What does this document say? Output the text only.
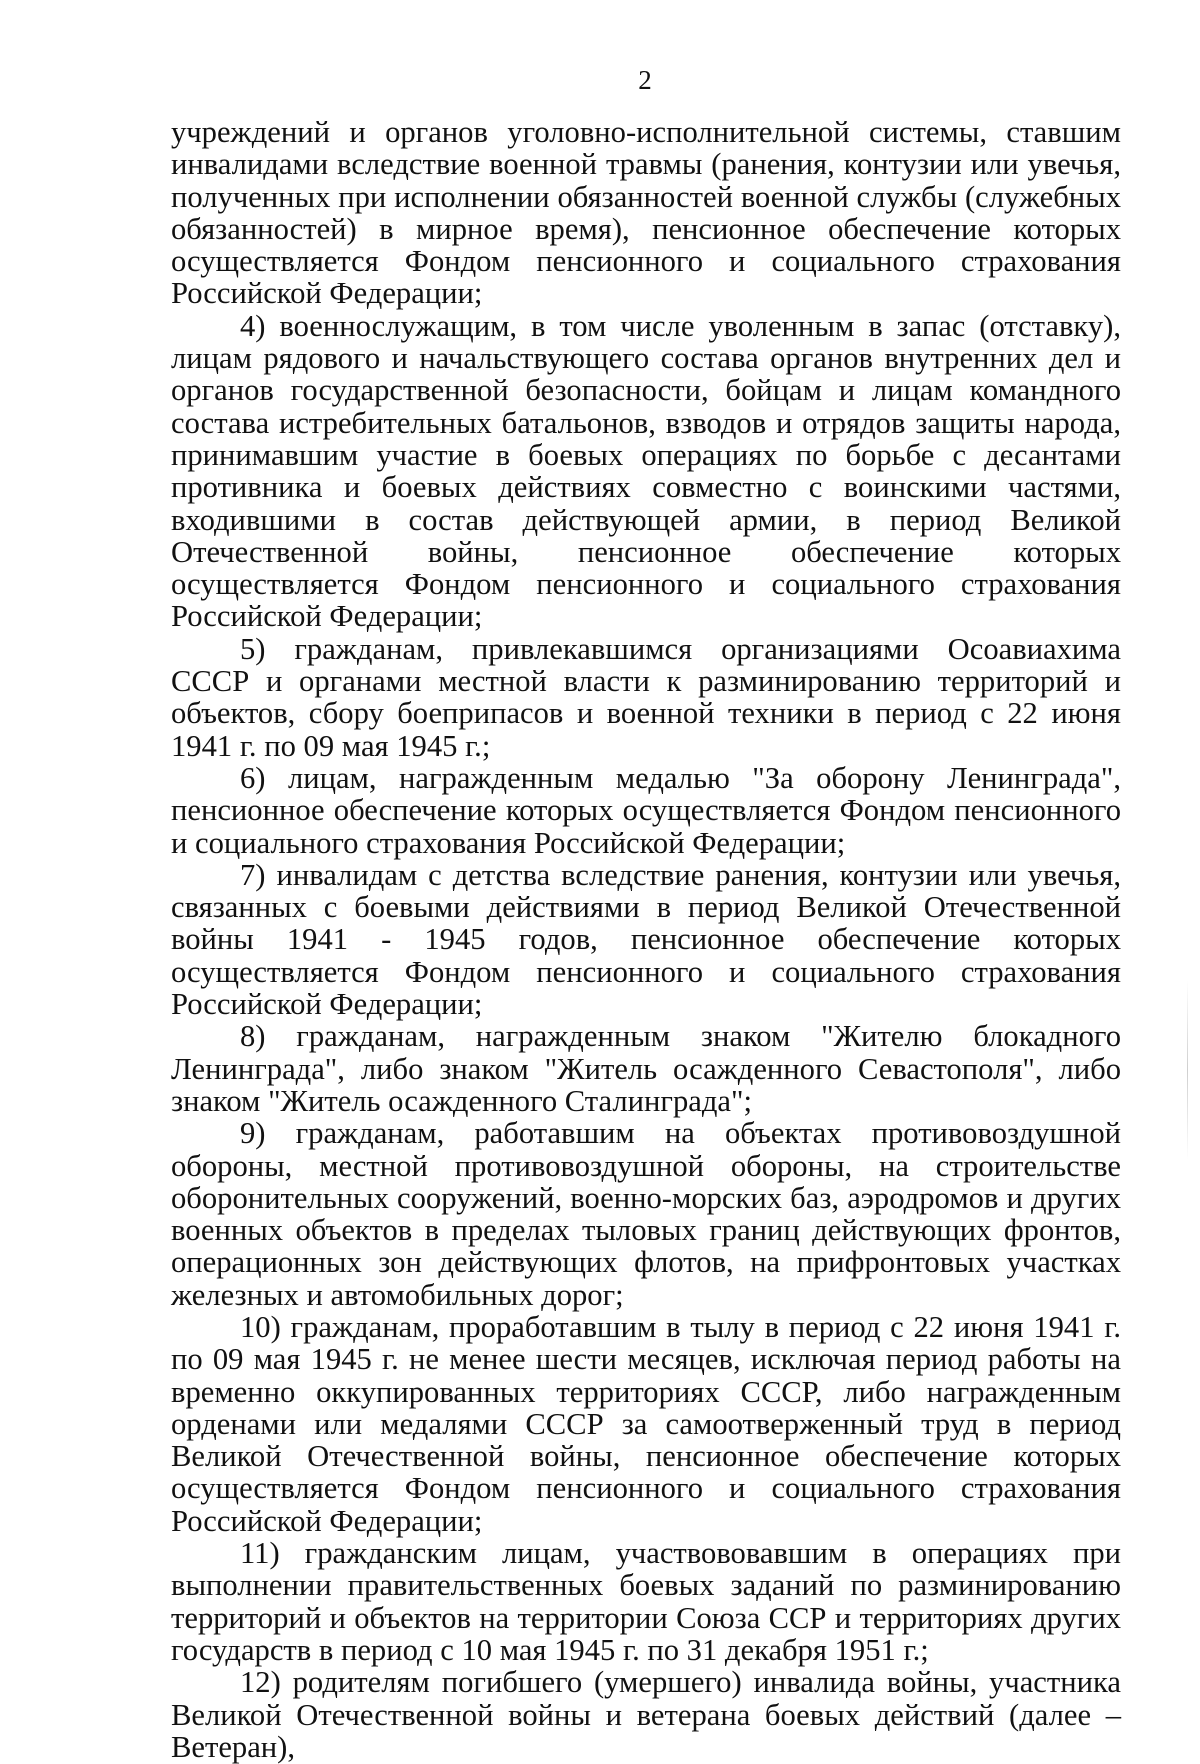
2

учреждений и органов уголовно-исполнительной системы, ставшим инвалидами вследствие военной травмы (ранения, контузии или увечья, полученных при исполнении обязанностей военной службы (служебных обязанностей) в мирное время), пенсионное обеспечение которых осуществляется Фондом пенсионного и социального страхования Российской Федерации;

4) военнослужащим, в том числе уволенным в запас (отставку), лицам рядового и начальствующего состава органов внутренних дел и органов государственной безопасности, бойцам и лицам командного состава истребительных батальонов, взводов и отрядов защиты народа, принимавшим участие в боевых операциях по борьбе с десантами противника и боевых действиях совместно с воинскими частями, входившими в состав действующей армии, в период Великой Отечественной войны, пенсионное обеспечение которых осуществляется Фондом пенсионного и социального страхования Российской Федерации;

5) гражданам, привлекавшимся организациями Осоавиахима СССР и органами местной власти к разминированию территорий и объектов, сбору боеприпасов и военной техники в период с 22 июня 1941 г. по 09 мая 1945 г.;

6) лицам, награжденным медалью "За оборону Ленинграда", пенсионное обеспечение которых осуществляется Фондом пенсионного и социального страхования Российской Федерации;

7) инвалидам с детства вследствие ранения, контузии или увечья, связанных с боевыми действиями в период Великой Отечественной войны 1941 - 1945 годов, пенсионное обеспечение которых осуществляется Фондом пенсионного и социального страхования Российской Федерации;

8) гражданам, награжденным знаком "Жителю блокадного Ленинграда", либо знаком "Житель осажденного Севастополя", либо знаком "Житель осажденного Сталинграда";

9) гражданам, работавшим на объектах противовоздушной обороны, местной противовоздушной обороны, на строительстве оборонительных сооружений, военно-морских баз, аэродромов и других военных объектов в пределах тыловых границ действующих фронтов, операционных зон действующих флотов, на прифронтовых участках железных и автомобильных дорог;

10) гражданам, проработавшим в тылу в период с 22 июня 1941 г. по 09 мая 1945 г. не менее шести месяцев, исключая период работы на временно оккупированных территориях СССР, либо награжденным орденами или медалями СССР за самоотверженный труд в период Великой Отечественной войны, пенсионное обеспечение которых осуществляется Фондом пенсионного и социального страхования Российской Федерации;

11) гражданским лицам, участвововавшим в операциях при выполнении правительственных боевых заданий по разминированию территорий и объектов на территории Союза ССР и территориях других государств в период с 10 мая 1945 г. по 31 декабря 1951 г.;

12) родителям погибшего (умершего) инвалида войны, участника Великой Отечественной войны и ветерана боевых действий (далее – Ветеран),
